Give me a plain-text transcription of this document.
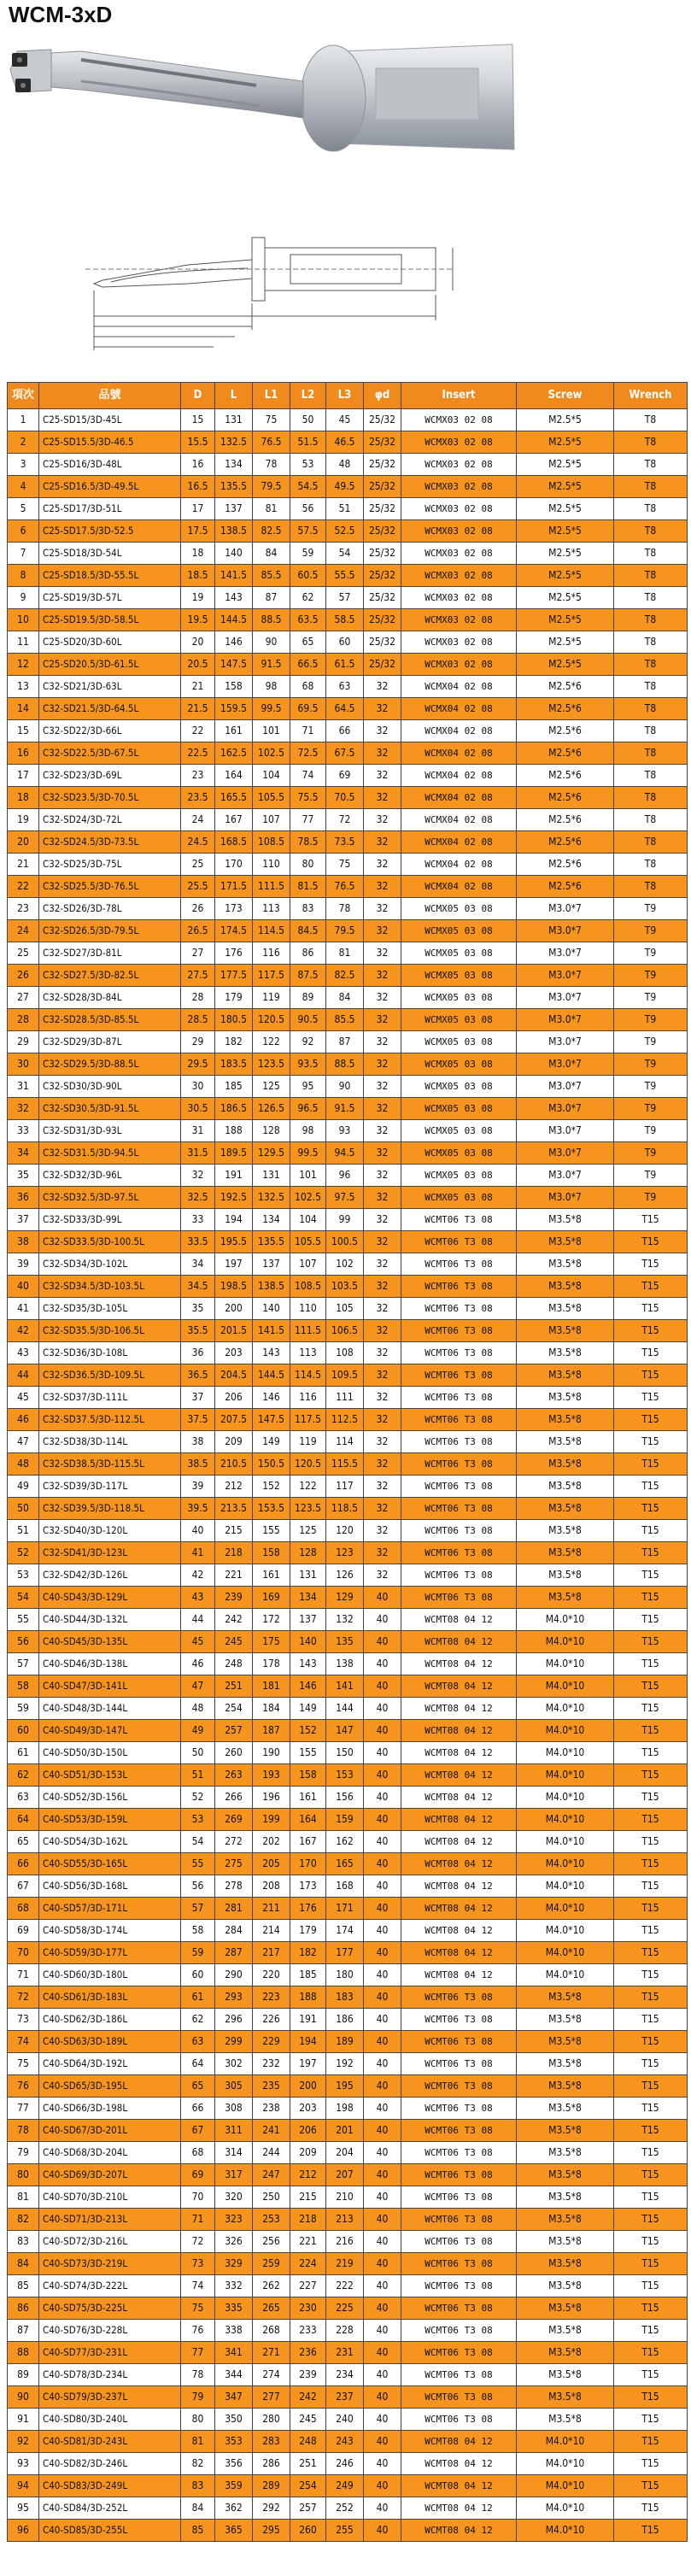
WCM-3xD
項次	品號	D	L	L1	L2	L3	φd	Insert	Screw	Wrench
1	C25-SD15/3D-45L	15	131	75	50	45	25/32	WCMX03 02 08	M2.5*5	T8
2	C25-SD15.5/3D-46.5	15.5	132.5	76.5	51.5	46.5	25/32	WCMX03 02 08	M2.5*5	T8
3	C25-SD16/3D-48L	16	134	78	53	48	25/32	WCMX03 02 08	M2.5*5	T8
4	C25-SD16.5/3D-49.5L	16.5	135.5	79.5	54.5	49.5	25/32	WCMX03 02 08	M2.5*5	T8
5	C25-SD17/3D-51L	17	137	81	56	51	25/32	WCMX03 02 08	M2.5*5	T8
6	C25-SD17.5/3D-52.5	17.5	138.5	82.5	57.5	52.5	25/32	WCMX03 02 08	M2.5*5	T8
7	C25-SD18/3D-54L	18	140	84	59	54	25/32	WCMX03 02 08	M2.5*5	T8
8	C25-SD18.5/3D-55.5L	18.5	141.5	85.5	60.5	55.5	25/32	WCMX03 02 08	M2.5*5	T8
9	C25-SD19/3D-57L	19	143	87	62	57	25/32	WCMX03 02 08	M2.5*5	T8
10	C25-SD19.5/3D-58.5L	19.5	144.5	88.5	63.5	58.5	25/32	WCMX03 02 08	M2.5*5	T8
11	C25-SD20/3D-60L	20	146	90	65	60	25/32	WCMX03 02 08	M2.5*5	T8
12	C25-SD20.5/3D-61.5L	20.5	147.5	91.5	66.5	61.5	25/32	WCMX03 02 08	M2.5*5	T8
13	C32-SD21/3D-63L	21	158	98	68	63	32	WCMX04 02 08	M2.5*6	T8
14	C32-SD21.5/3D-64.5L	21.5	159.5	99.5	69.5	64.5	32	WCMX04 02 08	M2.5*6	T8
15	C32-SD22/3D-66L	22	161	101	71	66	32	WCMX04 02 08	M2.5*6	T8
16	C32-SD22.5/3D-67.5L	22.5	162.5	102.5	72.5	67.5	32	WCMX04 02 08	M2.5*6	T8
17	C32-SD23/3D-69L	23	164	104	74	69	32	WCMX04 02 08	M2.5*6	T8
18	C32-SD23.5/3D-70.5L	23.5	165.5	105.5	75.5	70.5	32	WCMX04 02 08	M2.5*6	T8
19	C32-SD24/3D-72L	24	167	107	77	72	32	WCMX04 02 08	M2.5*6	T8
20	C32-SD24.5/3D-73.5L	24.5	168.5	108.5	78.5	73.5	32	WCMX04 02 08	M2.5*6	T8
21	C32-SD25/3D-75L	25	170	110	80	75	32	WCMX04 02 08	M2.5*6	T8
22	C32-SD25.5/3D-76.5L	25.5	171.5	111.5	81.5	76.5	32	WCMX04 02 08	M2.5*6	T8
23	C32-SD26/3D-78L	26	173	113	83	78	32	WCMX05 03 08	M3.0*7	T9
24	C32-SD26.5/3D-79.5L	26.5	174.5	114.5	84.5	79.5	32	WCMX05 03 08	M3.0*7	T9
25	C32-SD27/3D-81L	27	176	116	86	81	32	WCMX05 03 08	M3.0*7	T9
26	C32-SD27.5/3D-82.5L	27.5	177.5	117.5	87.5	82.5	32	WCMX05 03 08	M3.0*7	T9
27	C32-SD28/3D-84L	28	179	119	89	84	32	WCMX05 03 08	M3.0*7	T9
28	C32-SD28.5/3D-85.5L	28.5	180.5	120.5	90.5	85.5	32	WCMX05 03 08	M3.0*7	T9
29	C32-SD29/3D-87L	29	182	122	92	87	32	WCMX05 03 08	M3.0*7	T9
30	C32-SD29.5/3D-88.5L	29.5	183.5	123.5	93.5	88.5	32	WCMX05 03 08	M3.0*7	T9
31	C32-SD30/3D-90L	30	185	125	95	90	32	WCMX05 03 08	M3.0*7	T9
32	C32-SD30.5/3D-91.5L	30.5	186.5	126.5	96.5	91.5	32	WCMX05 03 08	M3.0*7	T9
33	C32-SD31/3D-93L	31	188	128	98	93	32	WCMX05 03 08	M3.0*7	T9
34	C32-SD31.5/3D-94.5L	31.5	189.5	129.5	99.5	94.5	32	WCMX05 03 08	M3.0*7	T9
35	C32-SD32/3D-96L	32	191	131	101	96	32	WCMX05 03 08	M3.0*7	T9
36	C32-SD32.5/3D-97.5L	32.5	192.5	132.5	102.5	97.5	32	WCMX05 03 08	M3.0*7	T9
37	C32-SD33/3D-99L	33	194	134	104	99	32	WCMT06 T3 08	M3.5*8	T15
38	C32-SD33.5/3D-100.5L	33.5	195.5	135.5	105.5	100.5	32	WCMT06 T3 08	M3.5*8	T15
39	C32-SD34/3D-102L	34	197	137	107	102	32	WCMT06 T3 08	M3.5*8	T15
40	C32-SD34.5/3D-103.5L	34.5	198.5	138.5	108.5	103.5	32	WCMT06 T3 08	M3.5*8	T15
41	C32-SD35/3D-105L	35	200	140	110	105	32	WCMT06 T3 08	M3.5*8	T15
42	C32-SD35.5/3D-106.5L	35.5	201.5	141.5	111.5	106.5	32	WCMT06 T3 08	M3.5*8	T15
43	C32-SD36/3D-108L	36	203	143	113	108	32	WCMT06 T3 08	M3.5*8	T15
44	C32-SD36.5/3D-109.5L	36.5	204.5	144.5	114.5	109.5	32	WCMT06 T3 08	M3.5*8	T15
45	C32-SD37/3D-111L	37	206	146	116	111	32	WCMT06 T3 08	M3.5*8	T15
46	C32-SD37.5/3D-112.5L	37.5	207.5	147.5	117.5	112.5	32	WCMT06 T3 08	M3.5*8	T15
47	C32-SD38/3D-114L	38	209	149	119	114	32	WCMT06 T3 08	M3.5*8	T15
48	C32-SD38.5/3D-115.5L	38.5	210.5	150.5	120.5	115.5	32	WCMT06 T3 08	M3.5*8	T15
49	C32-SD39/3D-117L	39	212	152	122	117	32	WCMT06 T3 08	M3.5*8	T15
50	C32-SD39.5/3D-118.5L	39.5	213.5	153.5	123.5	118.5	32	WCMT06 T3 08	M3.5*8	T15
51	C32-SD40/3D-120L	40	215	155	125	120	32	WCMT06 T3 08	M3.5*8	T15
52	C32-SD41/3D-123L	41	218	158	128	123	32	WCMT06 T3 08	M3.5*8	T15
53	C32-SD42/3D-126L	42	221	161	131	126	32	WCMT06 T3 08	M3.5*8	T15
54	C40-SD43/3D-129L	43	239	169	134	129	40	WCMT06 T3 08	M3.5*8	T15
55	C40-SD44/3D-132L	44	242	172	137	132	40	WCMT08 04 12	M4.0*10	T15
56	C40-SD45/3D-135L	45	245	175	140	135	40	WCMT08 04 12	M4.0*10	T15
57	C40-SD46/3D-138L	46	248	178	143	138	40	WCMT08 04 12	M4.0*10	T15
58	C40-SD47/3D-141L	47	251	181	146	141	40	WCMT08 04 12	M4.0*10	T15
59	C40-SD48/3D-144L	48	254	184	149	144	40	WCMT08 04 12	M4.0*10	T15
60	C40-SD49/3D-147L	49	257	187	152	147	40	WCMT08 04 12	M4.0*10	T15
61	C40-SD50/3D-150L	50	260	190	155	150	40	WCMT08 04 12	M4.0*10	T15
62	C40-SD51/3D-153L	51	263	193	158	153	40	WCMT08 04 12	M4.0*10	T15
63	C40-SD52/3D-156L	52	266	196	161	156	40	WCMT08 04 12	M4.0*10	T15
64	C40-SD53/3D-159L	53	269	199	164	159	40	WCMT08 04 12	M4.0*10	T15
65	C40-SD54/3D-162L	54	272	202	167	162	40	WCMT08 04 12	M4.0*10	T15
66	C40-SD55/3D-165L	55	275	205	170	165	40	WCMT08 04 12	M4.0*10	T15
67	C40-SD56/3D-168L	56	278	208	173	168	40	WCMT08 04 12	M4.0*10	T15
68	C40-SD57/3D-171L	57	281	211	176	171	40	WCMT08 04 12	M4.0*10	T15
69	C40-SD58/3D-174L	58	284	214	179	174	40	WCMT08 04 12	M4.0*10	T15
70	C40-SD59/3D-177L	59	287	217	182	177	40	WCMT08 04 12	M4.0*10	T15
71	C40-SD60/3D-180L	60	290	220	185	180	40	WCMT08 04 12	M4.0*10	T15
72	C40-SD61/3D-183L	61	293	223	188	183	40	WCMT06 T3 08	M3.5*8	T15
73	C40-SD62/3D-186L	62	296	226	191	186	40	WCMT06 T3 08	M3.5*8	T15
74	C40-SD63/3D-189L	63	299	229	194	189	40	WCMT06 T3 08	M3.5*8	T15
75	C40-SD64/3D-192L	64	302	232	197	192	40	WCMT06 T3 08	M3.5*8	T15
76	C40-SD65/3D-195L	65	305	235	200	195	40	WCMT06 T3 08	M3.5*8	T15
77	C40-SD66/3D-198L	66	308	238	203	198	40	WCMT06 T3 08	M3.5*8	T15
78	C40-SD67/3D-201L	67	311	241	206	201	40	WCMT06 T3 08	M3.5*8	T15
79	C40-SD68/3D-204L	68	314	244	209	204	40	WCMT06 T3 08	M3.5*8	T15
80	C40-SD69/3D-207L	69	317	247	212	207	40	WCMT06 T3 08	M3.5*8	T15
81	C40-SD70/3D-210L	70	320	250	215	210	40	WCMT06 T3 08	M3.5*8	T15
82	C40-SD71/3D-213L	71	323	253	218	213	40	WCMT06 T3 08	M3.5*8	T15
83	C40-SD72/3D-216L	72	326	256	221	216	40	WCMT06 T3 08	M3.5*8	T15
84	C40-SD73/3D-219L	73	329	259	224	219	40	WCMT06 T3 08	M3.5*8	T15
85	C40-SD74/3D-222L	74	332	262	227	222	40	WCMT06 T3 08	M3.5*8	T15
86	C40-SD75/3D-225L	75	335	265	230	225	40	WCMT06 T3 08	M3.5*8	T15
87	C40-SD76/3D-228L	76	338	268	233	228	40	WCMT06 T3 08	M3.5*8	T15
88	C40-SD77/3D-231L	77	341	271	236	231	40	WCMT06 T3 08	M3.5*8	T15
89	C40-SD78/3D-234L	78	344	274	239	234	40	WCMT06 T3 08	M3.5*8	T15
90	C40-SD79/3D-237L	79	347	277	242	237	40	WCMT06 T3 08	M3.5*8	T15
91	C40-SD80/3D-240L	80	350	280	245	240	40	WCMT06 T3 08	M3.5*8	T15
92	C40-SD81/3D-243L	81	353	283	248	243	40	WCMT08 04 12	M4.0*10	T15
93	C40-SD82/3D-246L	82	356	286	251	246	40	WCMT08 04 12	M4.0*10	T15
94	C40-SD83/3D-249L	83	359	289	254	249	40	WCMT08 04 12	M4.0*10	T15
95	C40-SD84/3D-252L	84	362	292	257	252	40	WCMT08 04 12	M4.0*10	T15
96	C40-SD85/3D-255L	85	365	295	260	255	40	WCMT08 04 12	M4.0*10	T15
